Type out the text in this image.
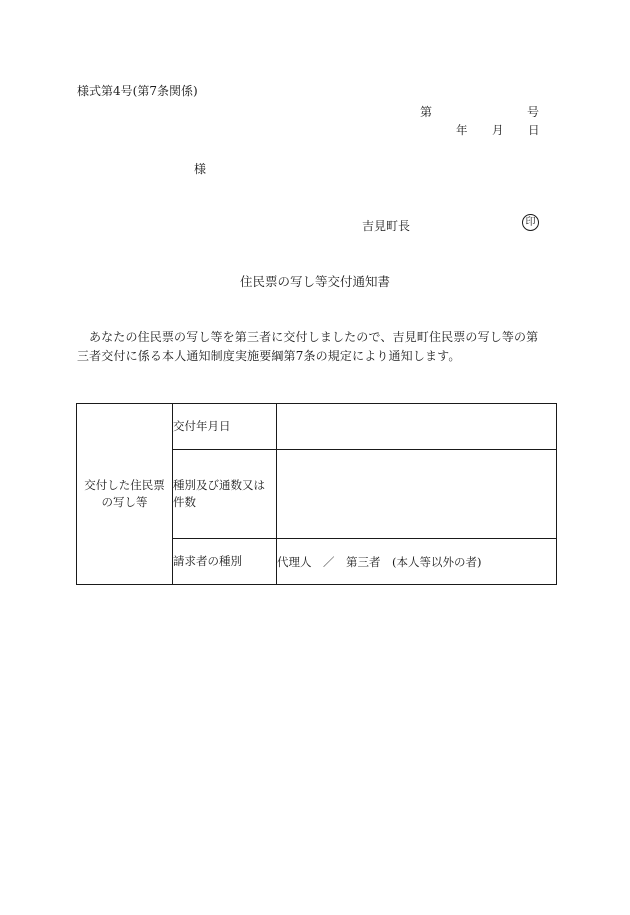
様式第4号(第7条関係)
第	号
年 月 日
様
吉見町長	印
住民票の写し等交付通知書
あなたの住民票の写し等を第三者に交付しましたので、吉見町住民票の写し等の第三者交付に係る本人通知制度実施要綱第7条の規定により通知します。
交付した住民票の写し等	交付年月日	
	種別及び通数又は件数	
	請求者の種別	代理人　／　第三者　(本人等以外の者)
